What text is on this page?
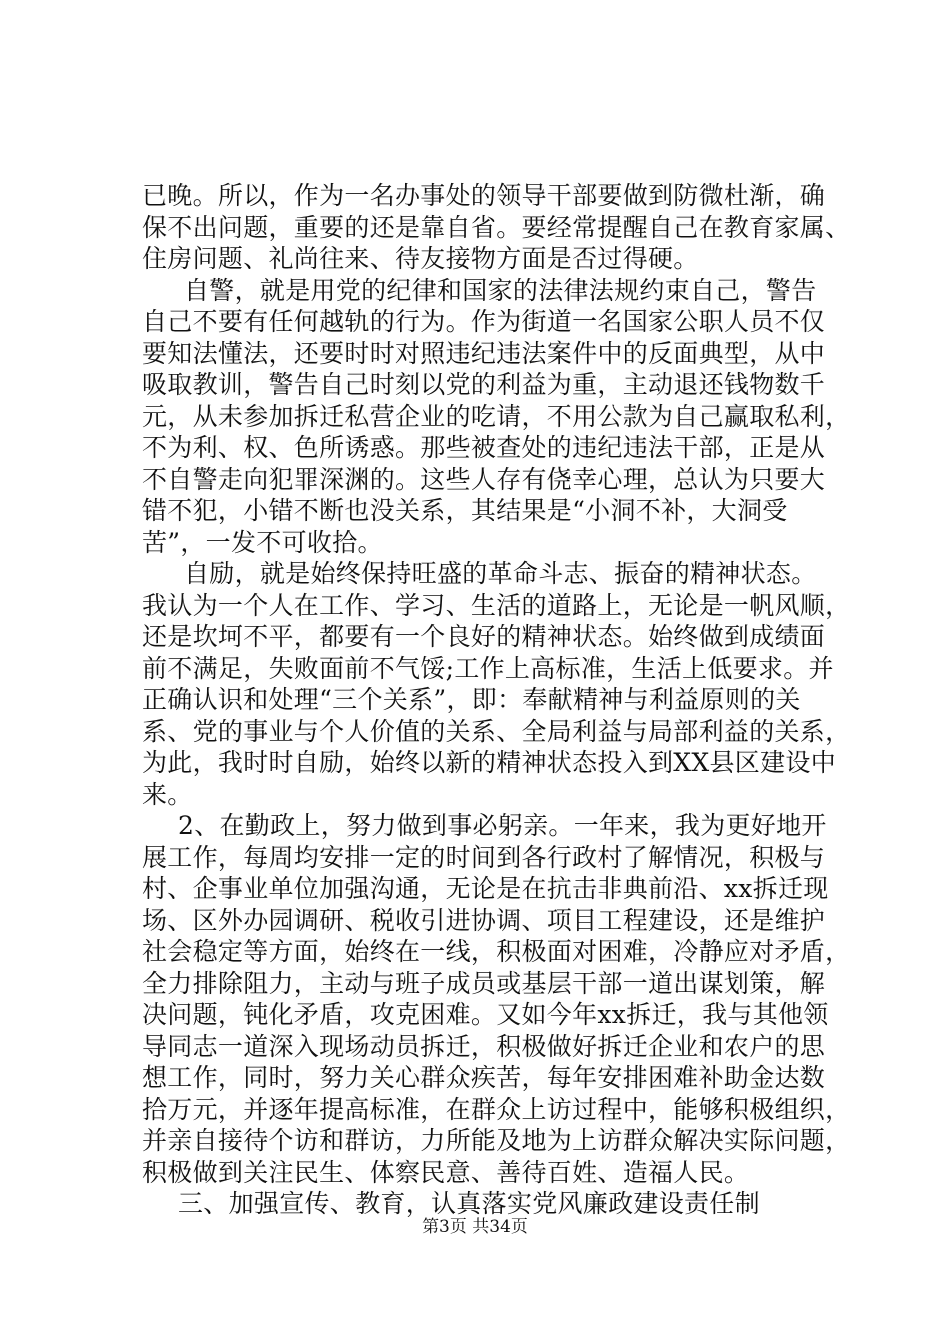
已晚。所以，作为一名办事处的领导干部要做到防微杜渐，确
保不出问题，重要的还是靠自省。要经常提醒自己在教育家属、
住房问题、礼尚往来、待友接物方面是否过得硬。
自警，就是用党的纪律和国家的法律法规约束自己，警告
自己不要有任何越轨的行为。作为街道一名国家公职人员不仅
要知法懂法，还要时时对照违纪违法案件中的反面典型，从中
吸取教训，警告自己时刻以党的利益为重，主动退还钱物数千
元，从未参加拆迁私营企业的吃请，不用公款为自己赢取私利，
不为利、权、色所诱惑。那些被查处的违纪违法干部，正是从
不自警走向犯罪深渊的。这些人存有侥幸心理，总认为只要大
错不犯，小错不断也没关系，其结果是“小洞不补，大洞受
苦”，一发不可收拾。
自励，就是始终保持旺盛的革命斗志、振奋的精神状态。
我认为一个人在工作、学习、生活的道路上，无论是一帆风顺，
还是坎坷不平，都要有一个良好的精神状态。始终做到成绩面
前不满足，失败面前不气馁;工作上高标准，生活上低要求。并
正确认识和处理“三个关系”，即：奉献精神与利益原则的关
系、党的事业与个人价值的关系、全局利益与局部利益的关系，
为此，我时时自励，始终以新的精神状态投入到XX县区建设中
来。
2、在勤政上，努力做到事必躬亲。一年来，我为更好地开
展工作，每周均安排一定的时间到各行政村了解情况，积极与
村、企事业单位加强沟通，无论是在抗击非典前沿、xx拆迁现
场、区外办园调研、税收引进协调、项目工程建设，还是维护
社会稳定等方面，始终在一线，积极面对困难，冷静应对矛盾，
全力排除阻力，主动与班子成员或基层干部一道出谋划策，解
决问题，钝化矛盾，攻克困难。又如今年xx拆迁，我与其他领
导同志一道深入现场动员拆迁，积极做好拆迁企业和农户的思
想工作，同时，努力关心群众疾苦，每年安排困难补助金达数
拾万元，并逐年提高标准，在群众上访过程中，能够积极组织，
并亲自接待个访和群访，力所能及地为上访群众解决实际问题，
积极做到关注民生、体察民意、善待百姓、造福人民。
三、加强宣传、教育，认真落实党风廉政建设责任制
第3页 共34页
